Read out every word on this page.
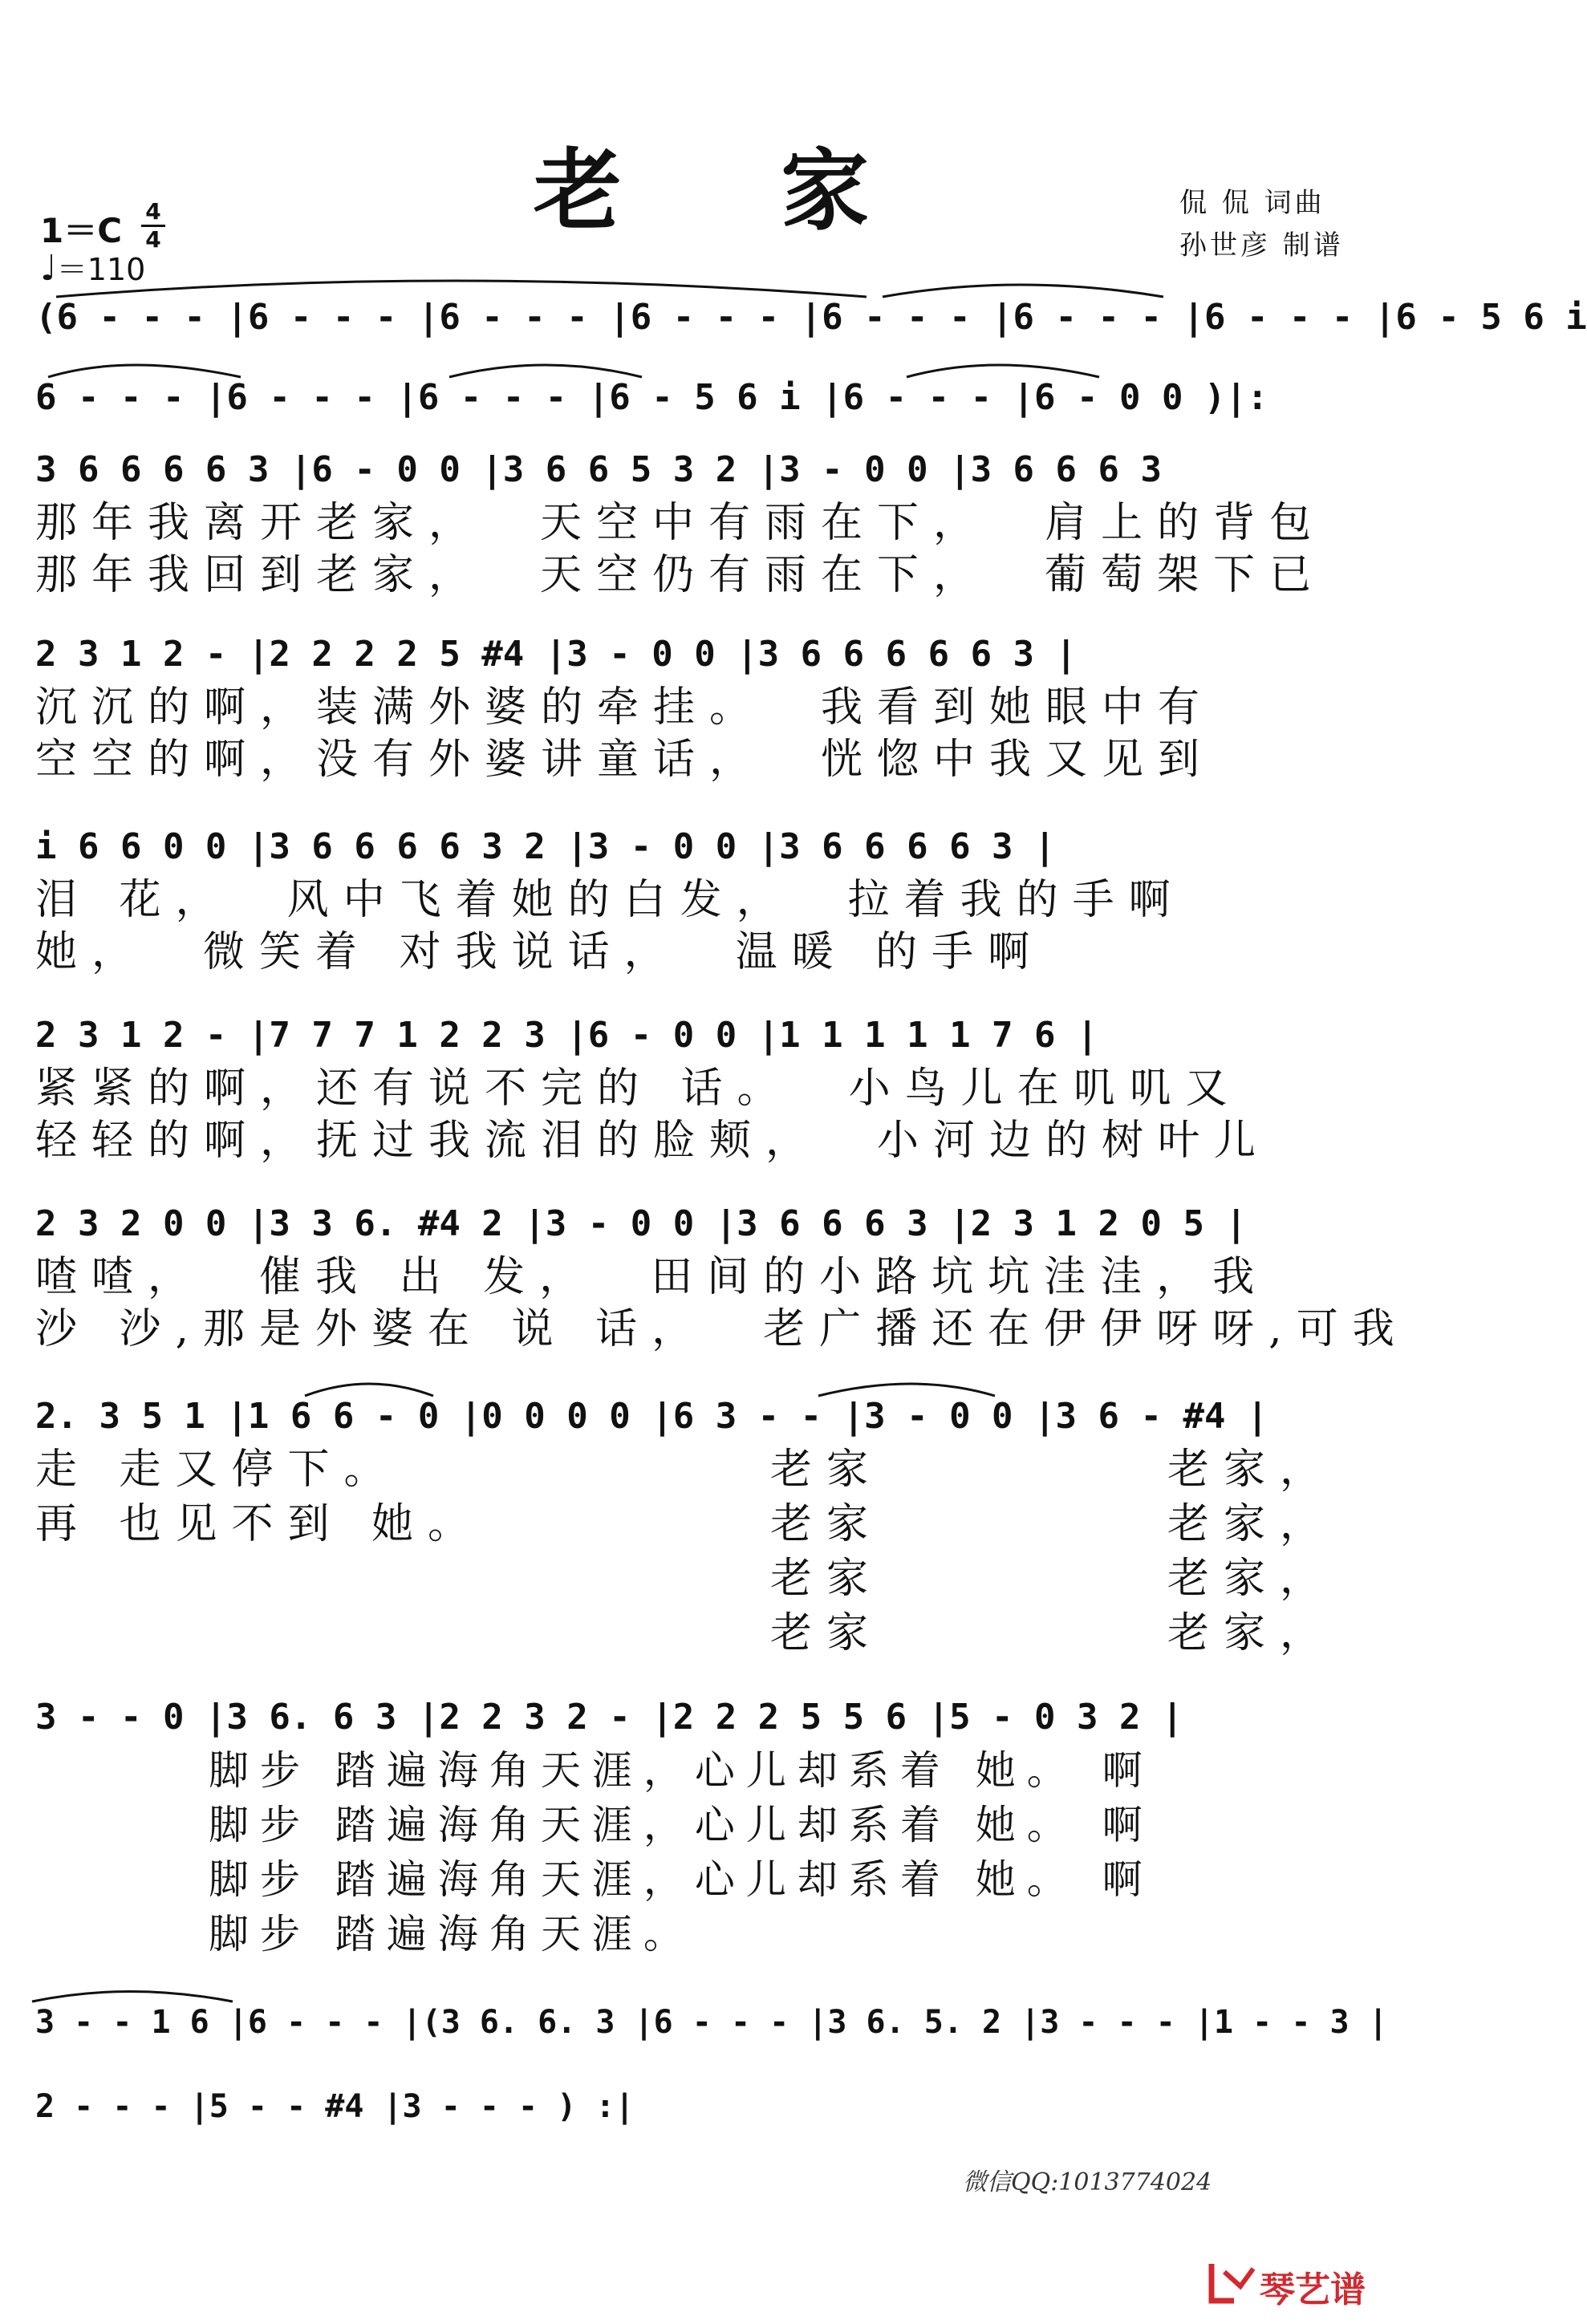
老 家	侃 侃 词曲
孙世彦 制谱
1＝C 4
4
♩＝110
(6 - - - |6 - - - |6 - - - |6 - - - |6 - - - |6 - - - |6 - - - |6 - 5 6 i
6 - - - |6 - - - |6 - - - |6 - 5 6 i |6 - - - |6 - 0 0 )|:
3 6 6 6 6 3 |6 - 0 0 |3 6 6 5 3 2 |3 - 0 0 |3 6 6 6 3
那年我离开老家，  天空中有雨在下，  肩上的背包
那年我回到老家，  天空仍有雨在下，  葡萄架下已
2 3 1 2 - |2 2 2 2 5 #4 |3 - 0 0 |3 6 6 6 6 6 3 |
沉沉的啊，装满外婆的牵挂。  我看到她眼中有
空空的啊，没有外婆讲童话，  恍惚中我又见到
i 6 6 0 0 |3 6 6 6 6 3 2 |3 - 0 0 |3 6 6 6 6 3 |
泪 花，  风中飞着她的白发，  拉着我的手啊
她，  微笑着 对我说话，  温暖 的手啊
2 3 1 2 - |7 7 7 1 2 2 3 |6 - 0 0 |1 1 1 1 1 7 6 |
紧紧的啊，还有说不完的 话。  小鸟儿在叽叽又
轻轻的啊，抚过我流泪的脸颊，  小河边的树叶儿
2 3 2 0 0 |3 3 6. #4 2 |3 - 0 0 |3 6 6 6 3 |2 3 1 2 0 5 |
喳喳，  催我 出 发，  田间的小路坑坑洼洼，我
沙 沙,那是外婆在 说 话，  老广播还在伊伊呀呀,可我
2. 3 5 1 |1 6 6 - 0 |0 0 0 0 |6 3 - - |3 - 0 0 |3 6 - #4 |
走 走又停下。
再 也见不到 她。
老家
老家
老家
老家
老家，
老家，
老家，
老家，
3 - - 0 |3 6. 6 3 |2 2 3 2 - |2 2 2 5 5 6 |5 - 0 3 2 |
脚步 踏遍海角天涯，心儿却系着 她。 啊
脚步 踏遍海角天涯，心儿却系着 她。 啊
脚步 踏遍海角天涯，心儿却系着 她。 啊
脚步 踏遍海角天涯。
3 - - 1 6 |6 - - - |(3 6. 6. 3 |6 - - - |3 6. 5. 2 |3 - - - |1 - - 3 |
2 - - - |5 - - #4 |3 - - - ) :|
微信QQ:1013774024
琴艺谱
